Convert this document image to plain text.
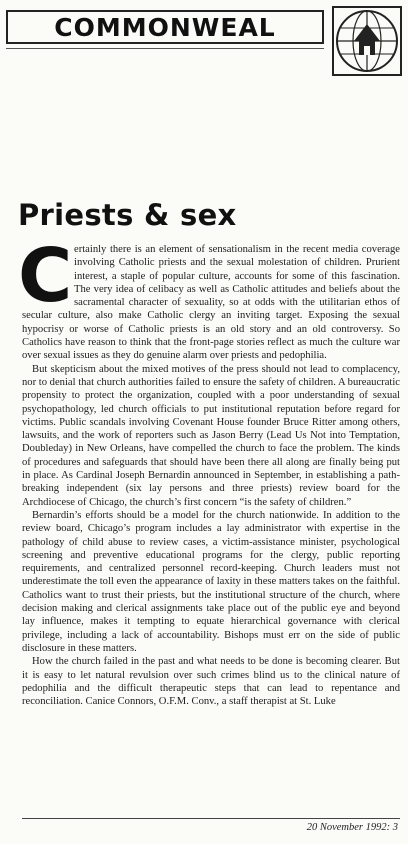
COMMONWEAL
Priests & sex

Certainly there is an element of sensationalism in the recent media coverage involving Catholic priests and the sexual molestation of children. Prurient interest, a staple of popular culture, accounts for some of this fascination. The very idea of celibacy as well as Catholic attitudes and beliefs about the sacramental character of sexuality, so at odds with the utilitarian ethos of secular culture, also make Catholic clergy an inviting target. Exposing the sexual hypocrisy or worse of Catholic priests is an old story and an old controversy. So Catholics have reason to think that the front-page stories reflect as much the culture war over sexual issues as they do genuine alarm over priests and pedophilia.

But skepticism about the mixed motives of the press should not lead to complacency, nor to denial that church authorities failed to ensure the safety of children. A bureaucratic propensity to protect the organization, coupled with a poor understanding of sexual psychopathology, led church officials to put institutional reputation before regard for victims. Public scandals involving Covenant House founder Bruce Ritter among others, lawsuits, and the work of reporters such as Jason Berry (Lead Us Not into Temptation, Doubleday) in New Orleans, have compelled the church to face the problem. The kinds of procedures and safeguards that should have been there all along are finally being put in place. As Cardinal Joseph Bernardin announced in September, in establishing a path-breaking independent (six lay persons and three priests) review board for the Archdiocese of Chicago, the church’s first concern “is the safety of children.”

Bernardin’s efforts should be a model for the church nationwide. In addition to the review board, Chicago’s program includes a lay administrator with expertise in the pathology of child abuse to review cases, a victim-assistance minister, psychological screening and preventive educational programs for the clergy, public reporting requirements, and centralized personnel record-keeping. Church leaders must not underestimate the toll even the appearance of laxity in these matters takes on the faithful. Catholics want to trust their priests, but the institutional structure of the church, where decision making and clerical assignments take place out of the public eye and beyond lay influence, makes it tempting to equate hierarchical governance with clerical privilege, including a lack of accountability. Bishops must err on the side of public disclosure in these matters.

How the church failed in the past and what needs to be done is becoming clearer. But it is easy to let natural revulsion over such crimes blind us to the clinical nature of pedophilia and the difficult therapeutic steps that can lead to repentance and reconciliation. Canice Connors, O.F.M. Conv., a staff therapist at St. Luke

20 November 1992: 3
